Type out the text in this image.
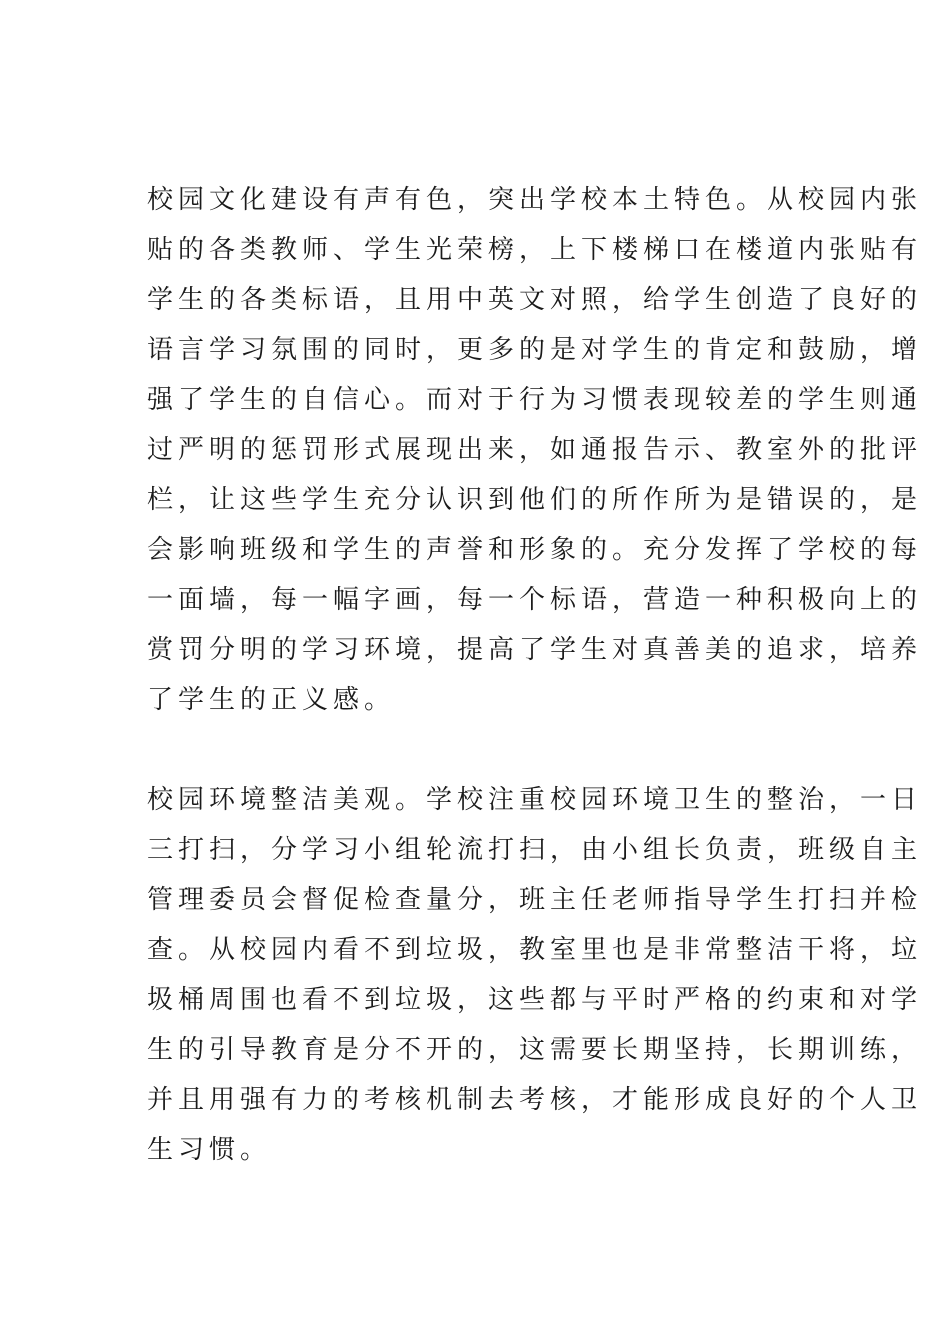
校园文化建设有声有色，突出学校本土特色。从校园内张
贴的各类教师、学生光荣榜，上下楼梯口在楼道内张贴有
学生的各类标语，且用中英文对照，给学生创造了良好的
语言学习氛围的同时，更多的是对学生的肯定和鼓励，增
强了学生的自信心。而对于行为习惯表现较差的学生则通
过严明的惩罚形式展现出来，如通报告示、教室外的批评
栏，让这些学生充分认识到他们的所作所为是错误的，是
会影响班级和学生的声誉和形象的。充分发挥了学校的每
一面墙，每一幅字画，每一个标语，营造一种积极向上的
赏罚分明的学习环境，提高了学生对真善美的追求，培养
了学生的正义感。
校园环境整洁美观。学校注重校园环境卫生的整治，一日
三打扫，分学习小组轮流打扫，由小组长负责，班级自主
管理委员会督促检查量分，班主任老师指导学生打扫并检
查。从校园内看不到垃圾，教室里也是非常整洁干将，垃
圾桶周围也看不到垃圾，这些都与平时严格的约束和对学
生的引导教育是分不开的，这需要长期坚持，长期训练，
并且用强有力的考核机制去考核，才能形成良好的个人卫
生习惯。
